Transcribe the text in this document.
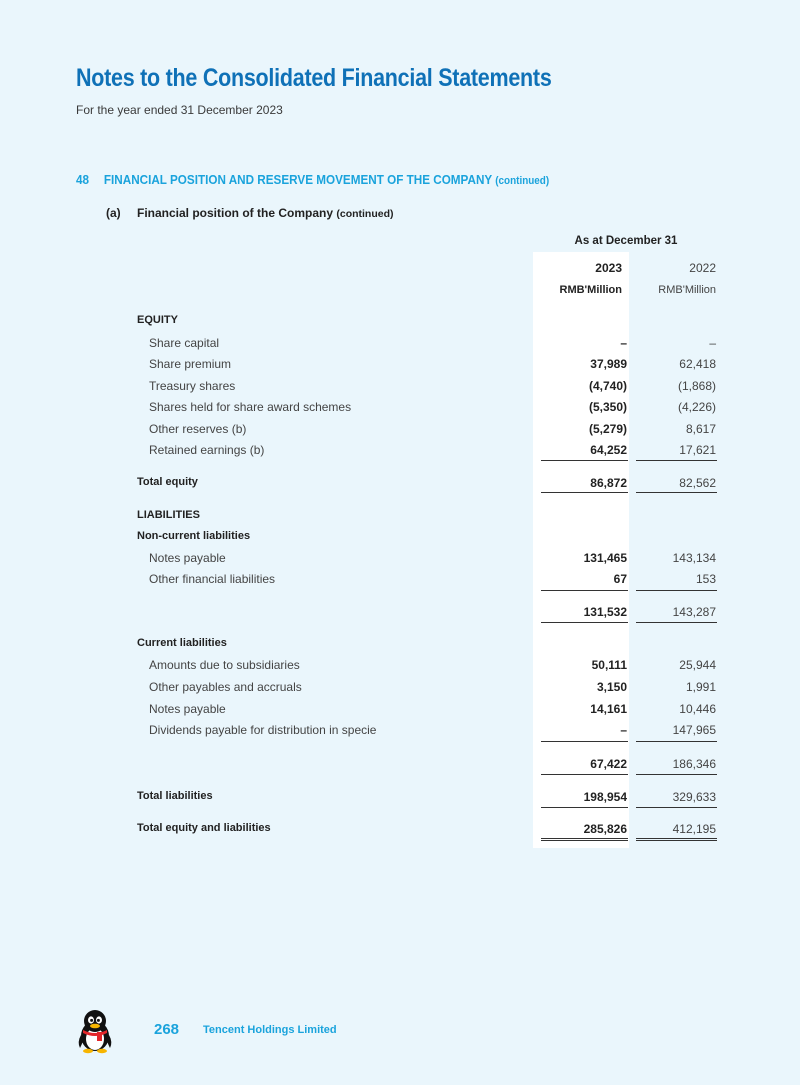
Notes to the Consolidated Financial Statements
For the year ended 31 December 2023
48 FINANCIAL POSITION AND RESERVE MOVEMENT OF THE COMPANY (continued)
(a) Financial position of the Company (continued)
As at December 31
2023	2022
RMB'Million	RMB'Million
EQUITY
Share capital	–	–
Share premium	37,989	62,418
Treasury shares	(4,740)	(1,868)
Shares held for share award schemes	(5,350)	(4,226)
Other reserves (b)	(5,279)	8,617
Retained earnings (b)	64,252	17,621
Total equity	86,872	82,562
LIABILITIES
Non-current liabilities
Notes payable	131,465	143,134
Other financial liabilities	67	153
131,532	143,287
Current liabilities
Amounts due to subsidiaries	50,111	25,944
Other payables and accruals	3,150	1,991
Notes payable	14,161	10,446
Dividends payable for distribution in specie	–	147,965
67,422	186,346
Total liabilities	198,954	329,633
Total equity and liabilities	285,826	412,195
268 Tencent Holdings Limited
